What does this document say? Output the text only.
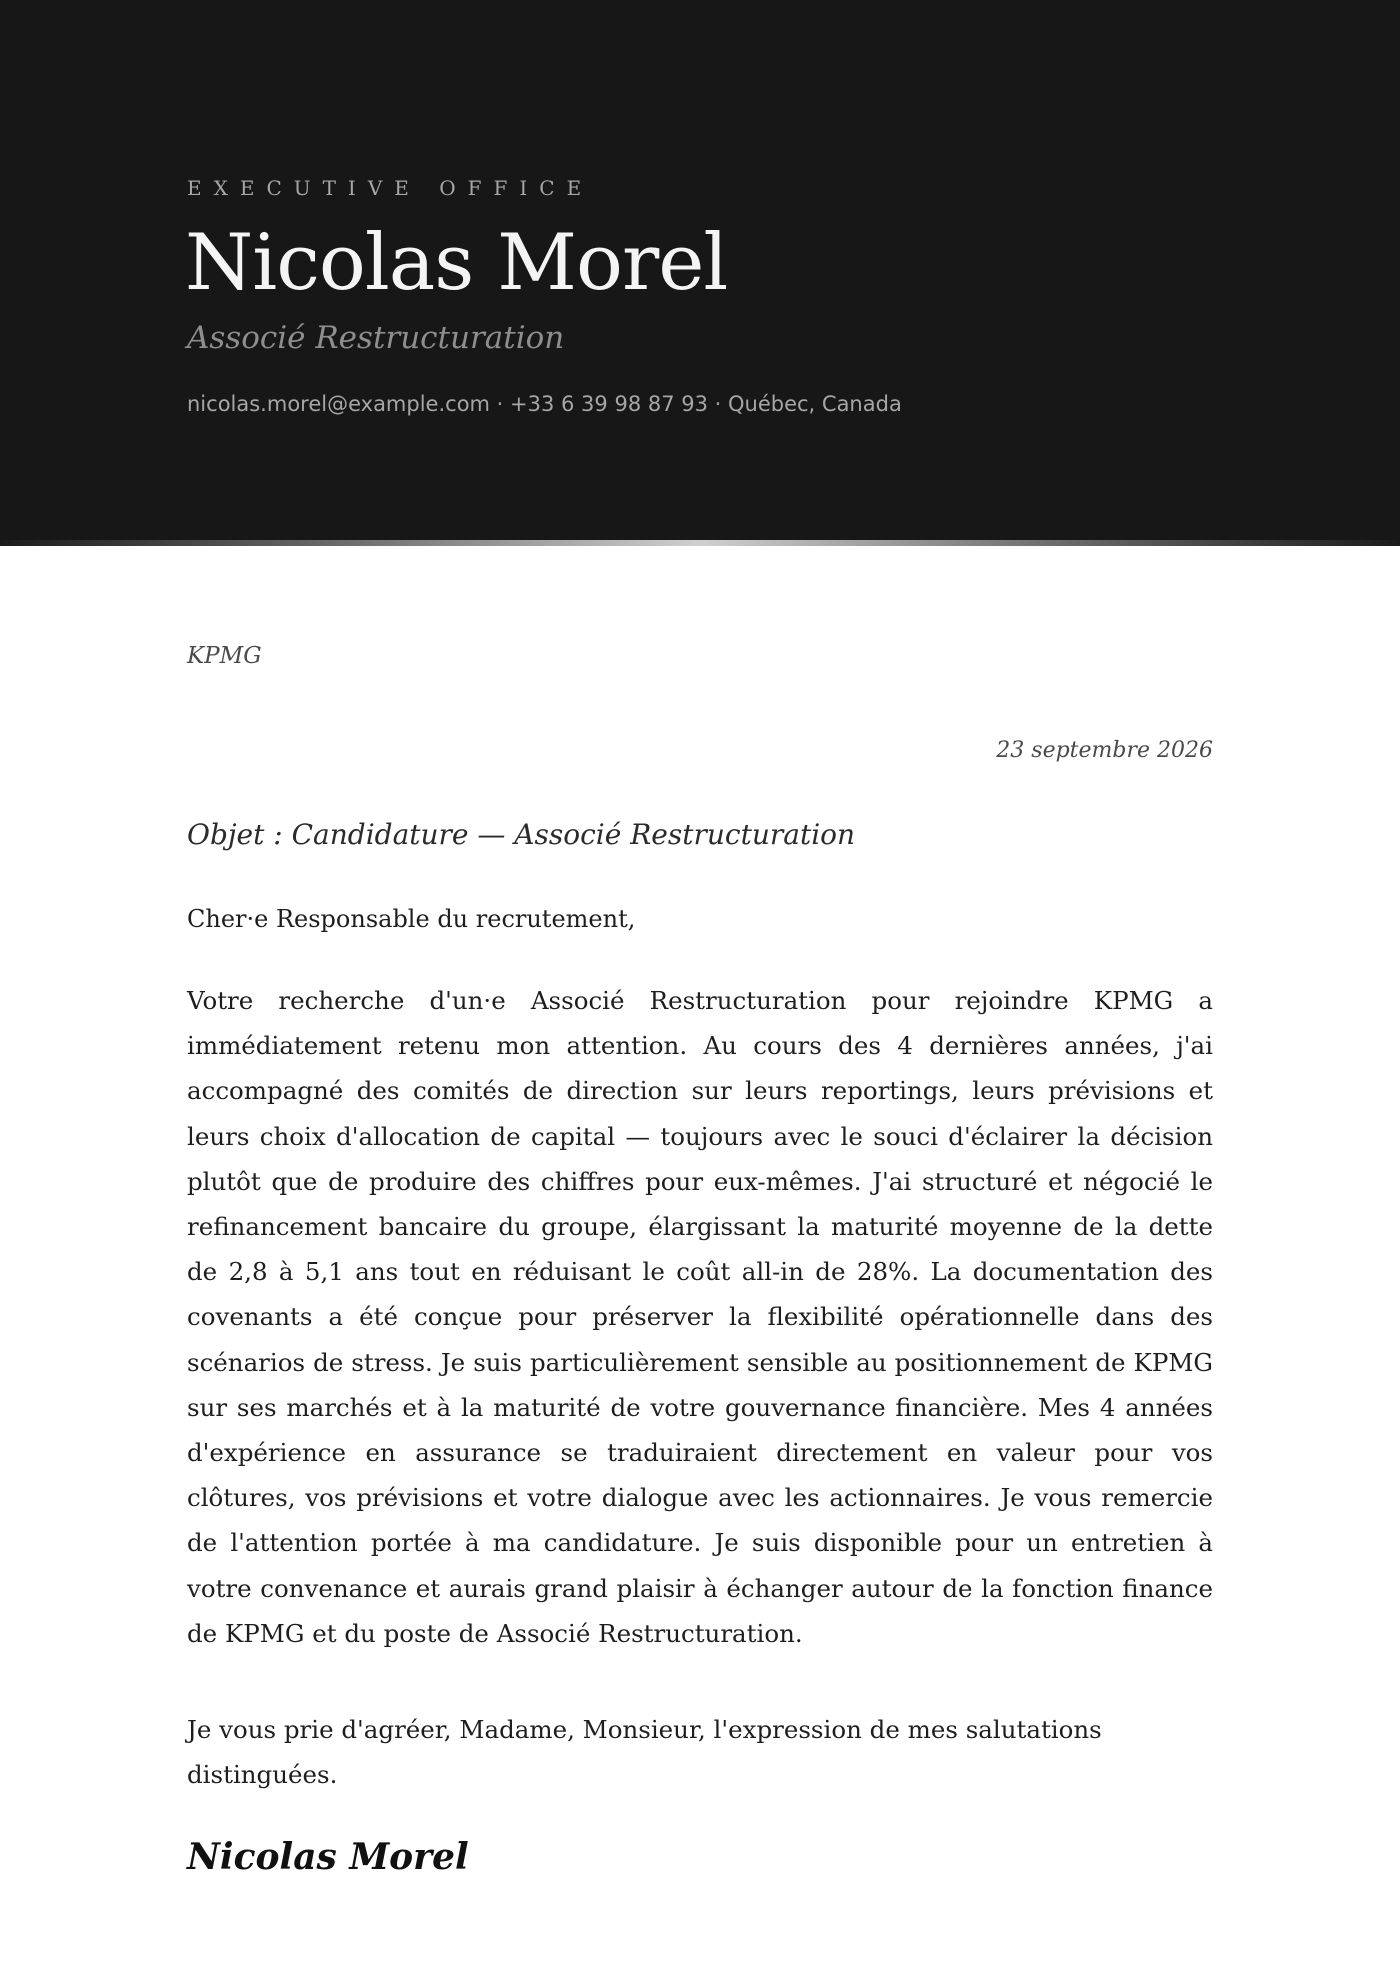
EXECUTIVE OFFICE
Nicolas Morel
Associé Restructuration
nicolas.morel@example.com · +33 6 39 98 87 93 · Québec, Canada
KPMG
23 septembre 2026
Objet : Candidature — Associé Restructuration
Cher·e Responsable du recrutement,

Votre recherche d'un·e Associé Restructuration pour rejoindre KPMG a immédiatement retenu mon attention. Au cours des 4 dernières années, j'ai accompagné des comités de direction sur leurs reportings, leurs prévisions et leurs choix d'allocation de capital — toujours avec le souci d'éclairer la décision plutôt que de produire des chiffres pour eux-mêmes. J'ai structuré et négocié le refinancement bancaire du groupe, élargissant la maturité moyenne de la dette de 2,8 à 5,1 ans tout en réduisant le coût all-in de 28%. La documentation des covenants a été conçue pour préserver la flexibilité opérationnelle dans des scénarios de stress. Je suis particulièrement sensible au positionnement de KPMG sur ses marchés et à la maturité de votre gouvernance financière. Mes 4 années d'expérience en assurance se traduiraient directement en valeur pour vos clôtures, vos prévisions et votre dialogue avec les actionnaires. Je vous remercie de l'attention portée à ma candidature. Je suis disponible pour un entretien à votre convenance et aurais grand plaisir à échanger autour de la fonction finance de KPMG et du poste de Associé Restructuration.

Je vous prie d'agréer, Madame, Monsieur, l'expression de mes salutations distinguées.

Nicolas Morel
